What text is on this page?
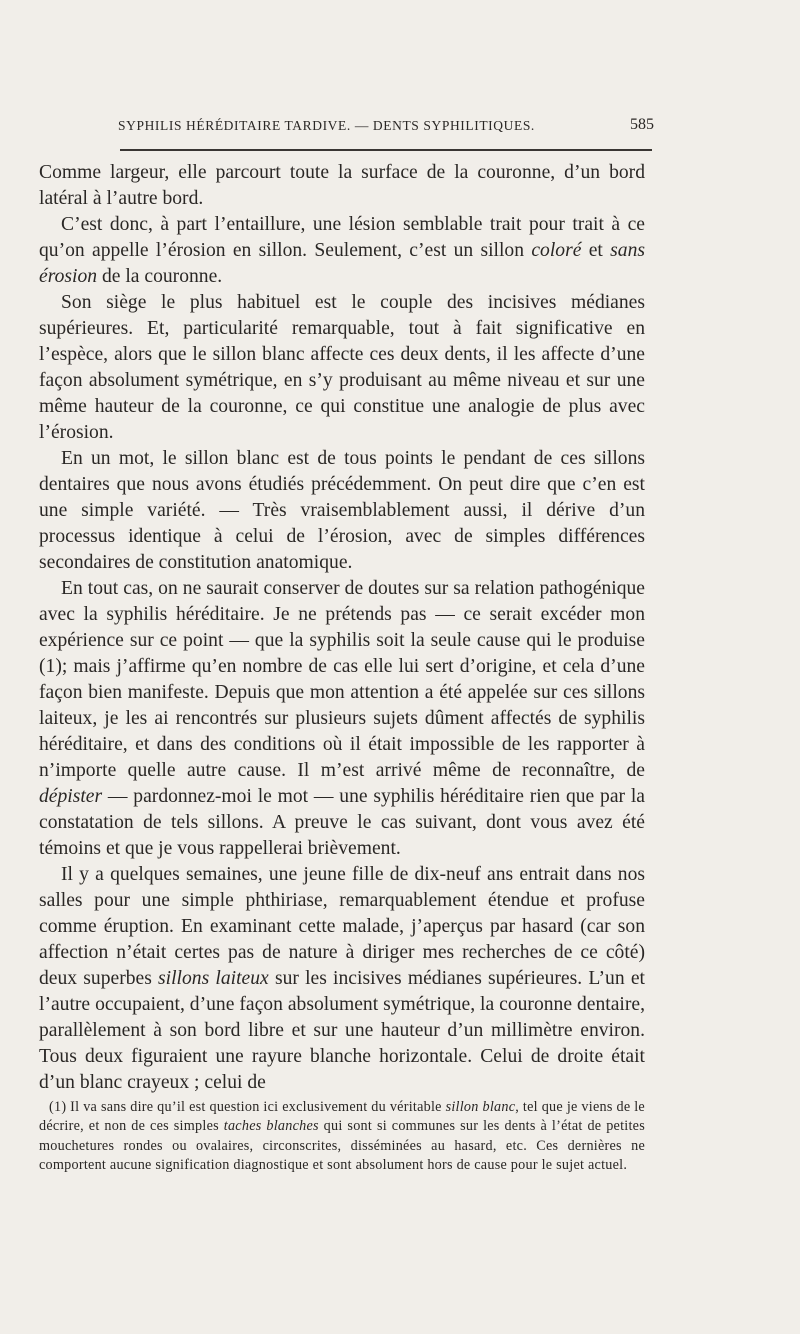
SYPHILIS HÉRÉDITAIRE TARDIVE. — DENTS SYPHILITIQUES.	585

Comme largeur, elle parcourt toute la surface de la couronne, d’un bord latéral à l’autre bord.

C’est donc, à part l’entaillure, une lésion semblable trait pour trait à ce qu’on appelle l’érosion en sillon. Seulement, c’est un sillon coloré et sans érosion de la couronne.

Son siège le plus habituel est le couple des incisives médianes supérieures. Et, particularité remarquable, tout à fait significative en l’espèce, alors que le sillon blanc affecte ces deux dents, il les affecte d’une façon absolument symétrique, en s’y produisant au même niveau et sur une même hauteur de la couronne, ce qui constitue une analogie de plus avec l’érosion.

En un mot, le sillon blanc est de tous points le pendant de ces sillons dentaires que nous avons étudiés précédemment. On peut dire que c’en est une simple variété. — Très vraisemblablement aussi, il dérive d’un processus identique à celui de l’érosion, avec de simples différences secondaires de constitution anatomique.

En tout cas, on ne saurait conserver de doutes sur sa relation pathogénique avec la syphilis héréditaire. Je ne prétends pas — ce serait excéder mon expérience sur ce point — que la syphilis soit la seule cause qui le produise (1); mais j’affirme qu’en nombre de cas elle lui sert d’origine, et cela d’une façon bien manifeste. Depuis que mon attention a été appelée sur ces sillons laiteux, je les ai rencontrés sur plusieurs sujets dûment affectés de syphilis héréditaire, et dans des conditions où il était impossible de les rapporter à n’importe quelle autre cause. Il m’est arrivé même de reconnaître, de dépister — pardonnez-moi le mot — une syphilis héréditaire rien que par la constatation de tels sillons. A preuve le cas suivant, dont vous avez été témoins et que je vous rappellerai brièvement.

Il y a quelques semaines, une jeune fille de dix-neuf ans entrait dans nos salles pour une simple phthiriase, remarquablement étendue et profuse comme éruption. En examinant cette malade, j’aperçus par hasard (car son affection n’était certes pas de nature à diriger mes recherches de ce côté) deux superbes sillons laiteux sur les incisives médianes supérieures. L’un et l’autre occupaient, d’une façon absolument symétrique, la couronne dentaire, parallèlement à son bord libre et sur une hauteur d’un millimètre environ. Tous deux figuraient une rayure blanche horizontale. Celui de droite était d’un blanc crayeux ; celui de

(1) Il va sans dire qu’il est question ici exclusivement du véritable sillon blanc, tel que je viens de le décrire, et non de ces simples taches blanches qui sont si communes sur les dents à l’état de petites mouchetures rondes ou ovalaires, circonscrites, disséminées au hasard, etc. Ces dernières ne comportent aucune signification diagnostique et sont absolument hors de cause pour le sujet actuel.
